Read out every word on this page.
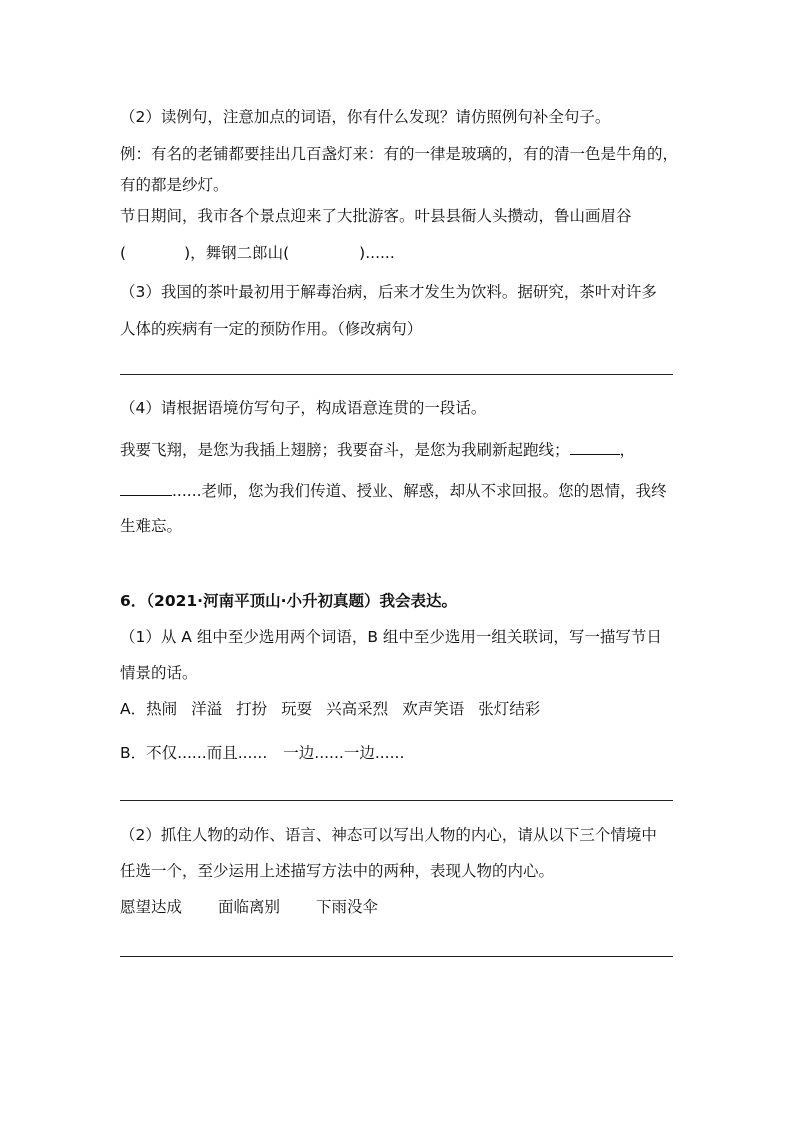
（2）读例句，注意加点的词语，你有什么发现？请仿照例句补全句子。
例：有名的老铺都要挂出几百盏灯来：有的一律是玻璃的，有的清一色是牛角的，
有的都是纱灯。
节日期间，我市各个景点迎来了大批游客。叶县县衙人头攒动，鲁山画眉谷
(	)，舞钢二郎山(	)......
（3）我国的茶叶最初用于解毒治病，后来才发生为饮料。据研究，茶叶对许多
人体的疾病有一定的预防作用。（修改病句）
（4）请根据语境仿写句子，构成语意连贯的一段话。
我要飞翔，是您为我插上翅膀；我要奋斗，是您为我刷新起跑线；	，
......老师，您为我们传道、授业、解惑，却从不求回报。您的恩情，我终
生难忘。
6．（2021·河南平顶山·小升初真题）我会表达。
（1）从 A 组中至少选用两个词语，B 组中至少选用一组关联词，写一描写节日
情景的话。
A．热闹 洋溢 打扮 玩耍 兴高采烈 欢声笑语 张灯结彩
B．不仅......而且...... 一边......一边......
（2）抓住人物的动作、语言、神态可以写出人物的内心，请从以下三个情境中
任选一个，至少运用上述描写方法中的两种，表现人物的内心。
愿望达成 面临离别 下雨没伞
